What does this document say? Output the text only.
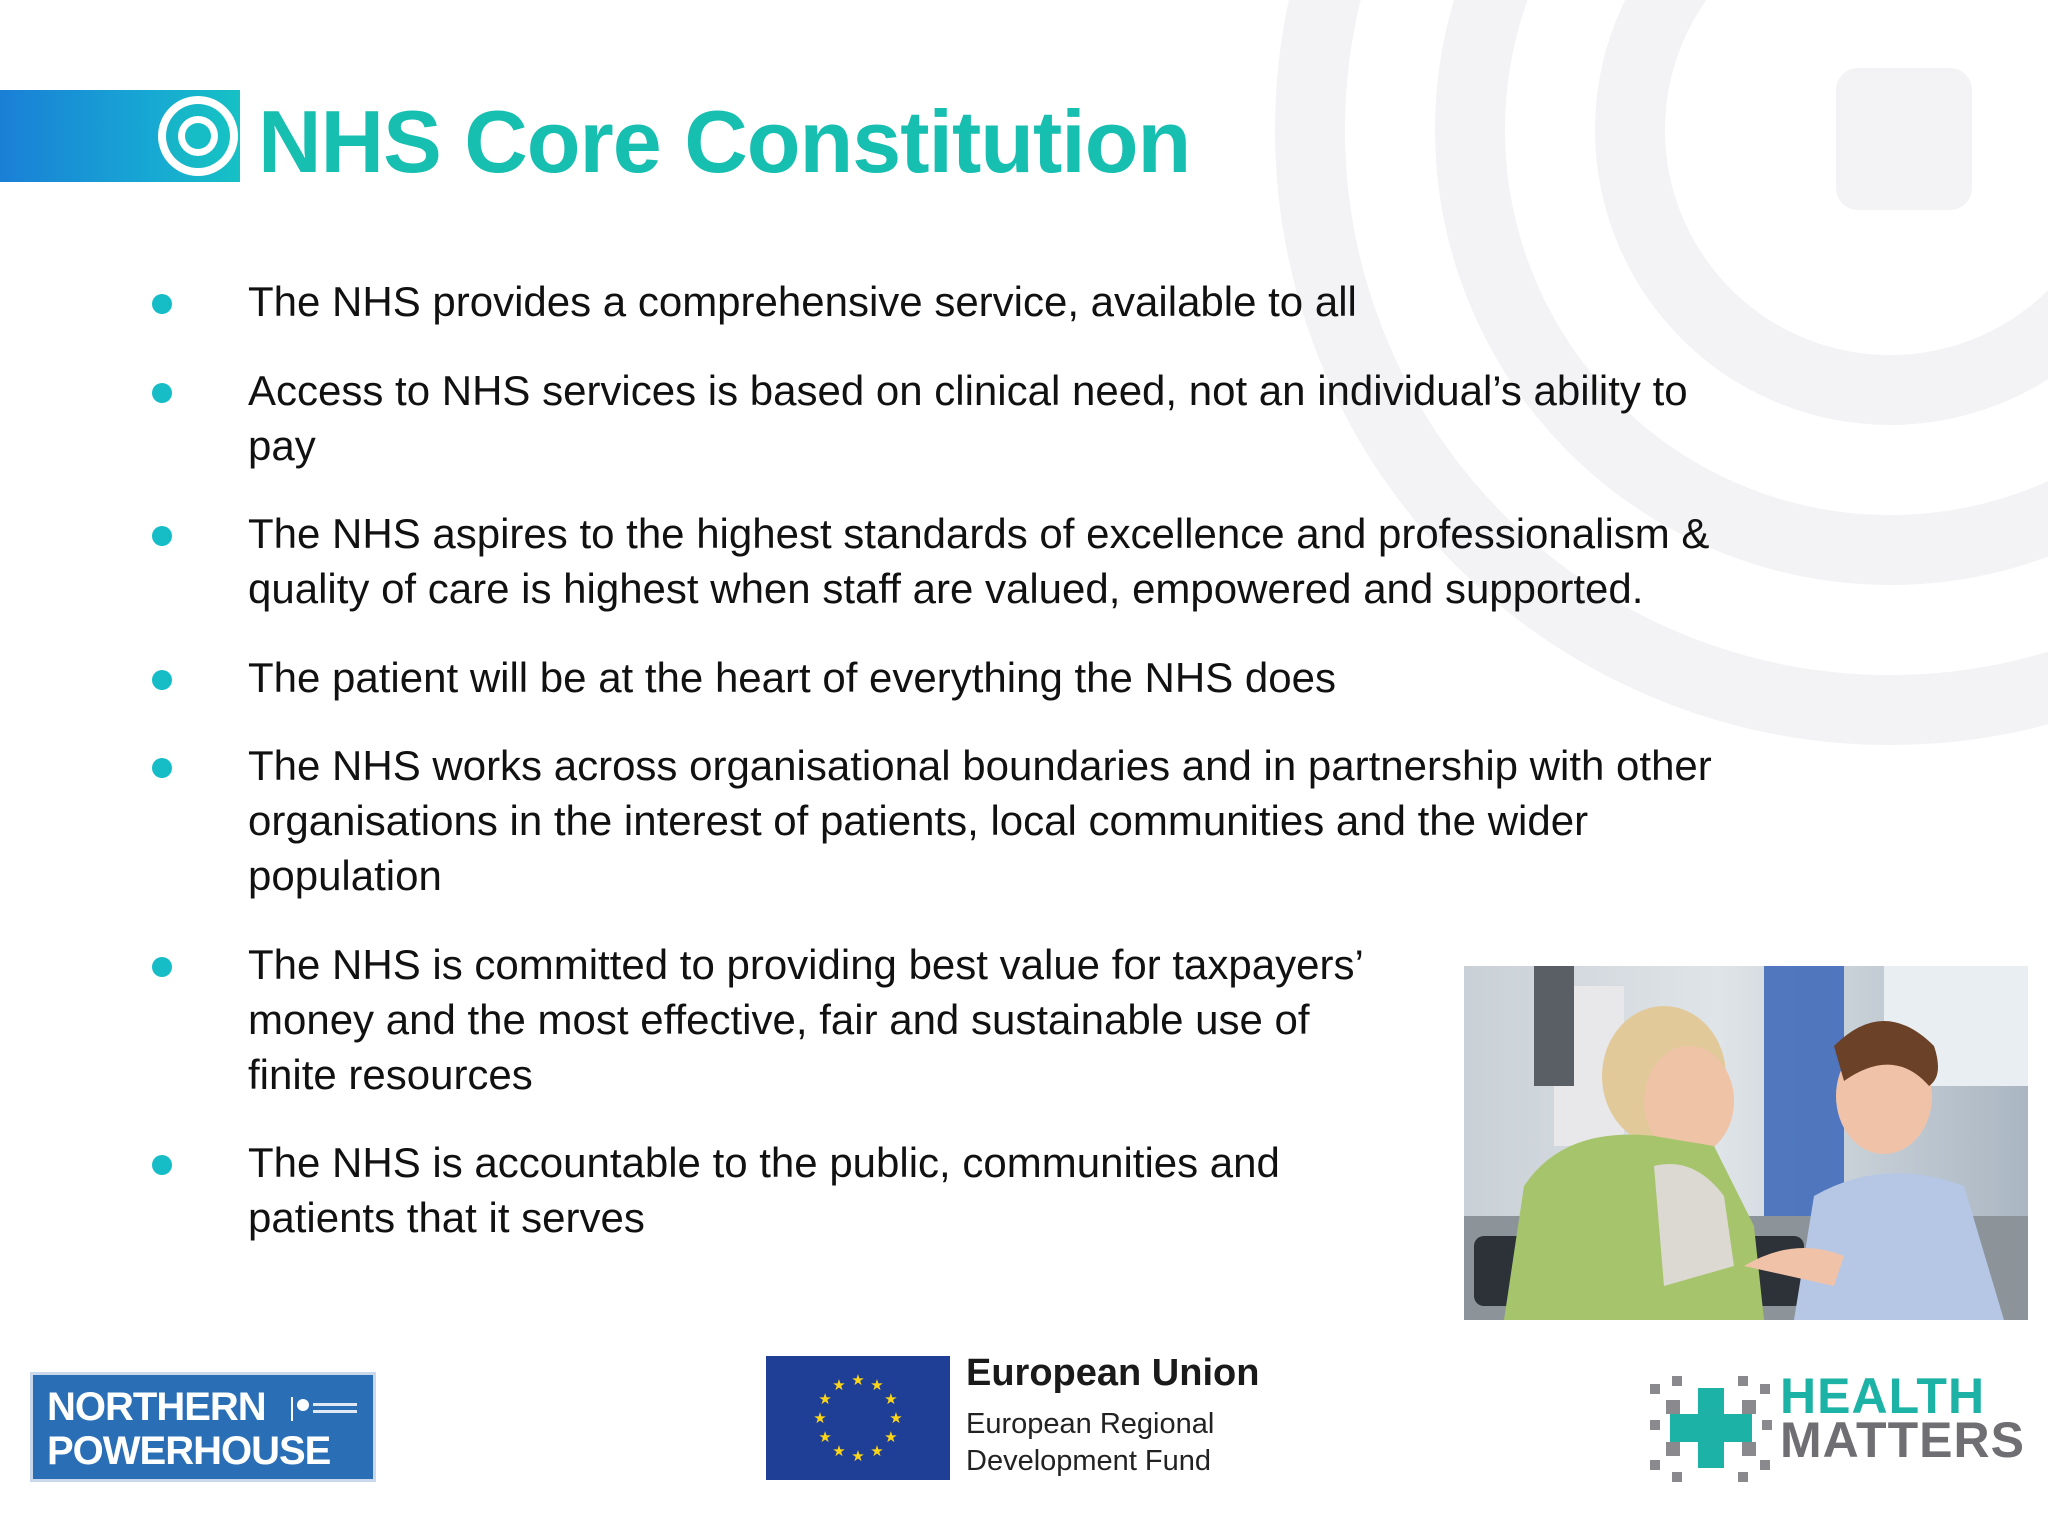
NHS Core Constitution
The NHS provides a comprehensive service, available to all
Access to NHS services is based on clinical need, not an individual’s ability to
pay
The NHS aspires to the highest standards of excellence and professionalism &
quality of care is highest when staff are valued, empowered and supported.
The patient will be at the heart of everything the NHS does
The NHS works across organisational boundaries and in partnership with other
organisations in the interest of patients, local communities and the wider
population
The NHS is committed to providing best value for taxpayers’
money and the most effective, fair and sustainable use of
finite resources
The NHS is accountable to the public, communities and
patients that it serves
NORTHERN
POWERHOUSE
★ ★
★
★
★
★
★
★
★
★
★
★	European Union
European Regional
Development Fund
HEALTH
MATTERS
